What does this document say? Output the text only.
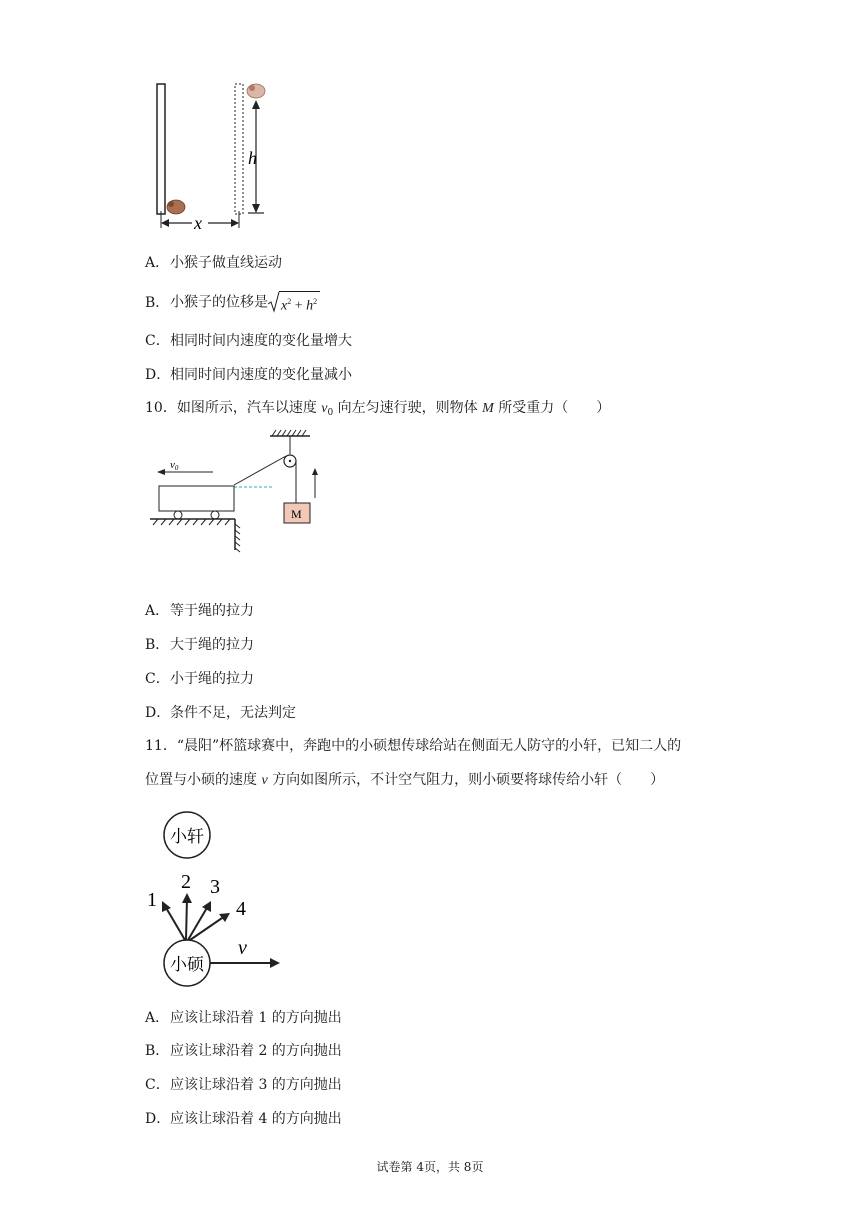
h
x
A．小猴子做直线运动
B．小猴子的位移是 $x^2 + h^2$
C．相同时间内速度的变化量增大
D．相同时间内速度的变化量减小
10．如图所示，汽车以速度 $v_0$ 向左匀速行驶，则物体 M 所受重力（　　）
M
v0
A．等于绳的拉力
B．大于绳的拉力
C．小于绳的拉力
D．条件不足，无法判定
11．“晨阳”杯篮球赛中，奔跑中的小硕想传球给站在侧面无人防守的小轩，已知二人的
位置与小硕的速度 v 方向如图所示，不计空气阻力，则小硕要将球传给小轩（　　）
小轩
小硕
1
2 3
4
v
A．应该让球沿着 1 的方向抛出
B．应该让球沿着 2 的方向抛出
C．应该让球沿着 3 的方向抛出
D．应该让球沿着 4 的方向抛出
试卷第 4页，共 8页
